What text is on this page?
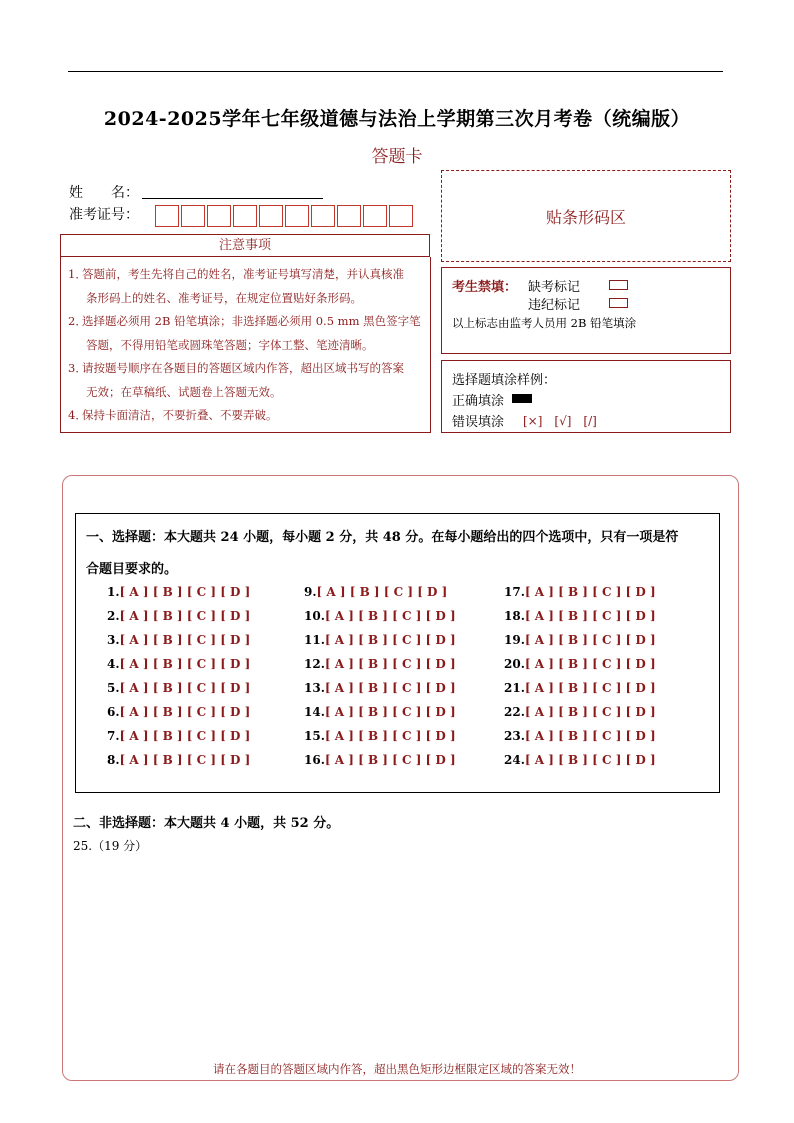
2024-2025学年七年级道德与法治上学期第三次月考卷（统编版）
答题卡
姓　　名：
准考证号：	贴条形码区
注意事项
1．答题前，考生先将自己的姓名，准考证号填写清楚，并认真核准
条形码上的姓名、准考证号，在规定位置贴好条形码。
2．选择题必须用 2B 铅笔填涂；非选择题必须用 0.5 mm 黑色签字笔
答题，不得用铅笔或圆珠笔答题；字体工整、笔迹清晰。
3．请按题号顺序在各题目的答题区域内作答，超出区域书写的答案
无效；在草稿纸、试题卷上答题无效。
4．保持卡面清洁，不要折叠、不要弄破。
考生禁填： 缺考标记
违纪标记
以上标志由监考人员用 2B 铅笔填涂
选择题填涂样例：
正确填涂
错误填涂 [×]　[√]　[/]
一、选择题：本大题共 24 小题，每小题 2 分，共 48 分。在每小题给出的四个选项中，只有一项是符
合题目要求的。
1.[ A ] [ B ] [ C ] [ D ]
2.[ A ] [ B ] [ C ] [ D ]
3.[ A ] [ B ] [ C ] [ D ]
4.[ A ] [ B ] [ C ] [ D ]
5.[ A ] [ B ] [ C ] [ D ]
6.[ A ] [ B ] [ C ] [ D ]
7.[ A ] [ B ] [ C ] [ D ]
8.[ A ] [ B ] [ C ] [ D ]
9.[ A ] [ B ] [ C ] [ D ]
10.[ A ] [ B ] [ C ] [ D ]
11.[ A ] [ B ] [ C ] [ D ]
12.[ A ] [ B ] [ C ] [ D ]
13.[ A ] [ B ] [ C ] [ D ]
14.[ A ] [ B ] [ C ] [ D ]
15.[ A ] [ B ] [ C ] [ D ]
16.[ A ] [ B ] [ C ] [ D ]
17.[ A ] [ B ] [ C ] [ D ]
18.[ A ] [ B ] [ C ] [ D ]
19.[ A ] [ B ] [ C ] [ D ]
20.[ A ] [ B ] [ C ] [ D ]
21.[ A ] [ B ] [ C ] [ D ]
22.[ A ] [ B ] [ C ] [ D ]
23.[ A ] [ B ] [ C ] [ D ]
24.[ A ] [ B ] [ C ] [ D ]
二、非选择题：本大题共 4 小题，共 52 分。
25.（19 分）
请在各题目的答题区域内作答，超出黑色矩形边框限定区域的答案无效！
